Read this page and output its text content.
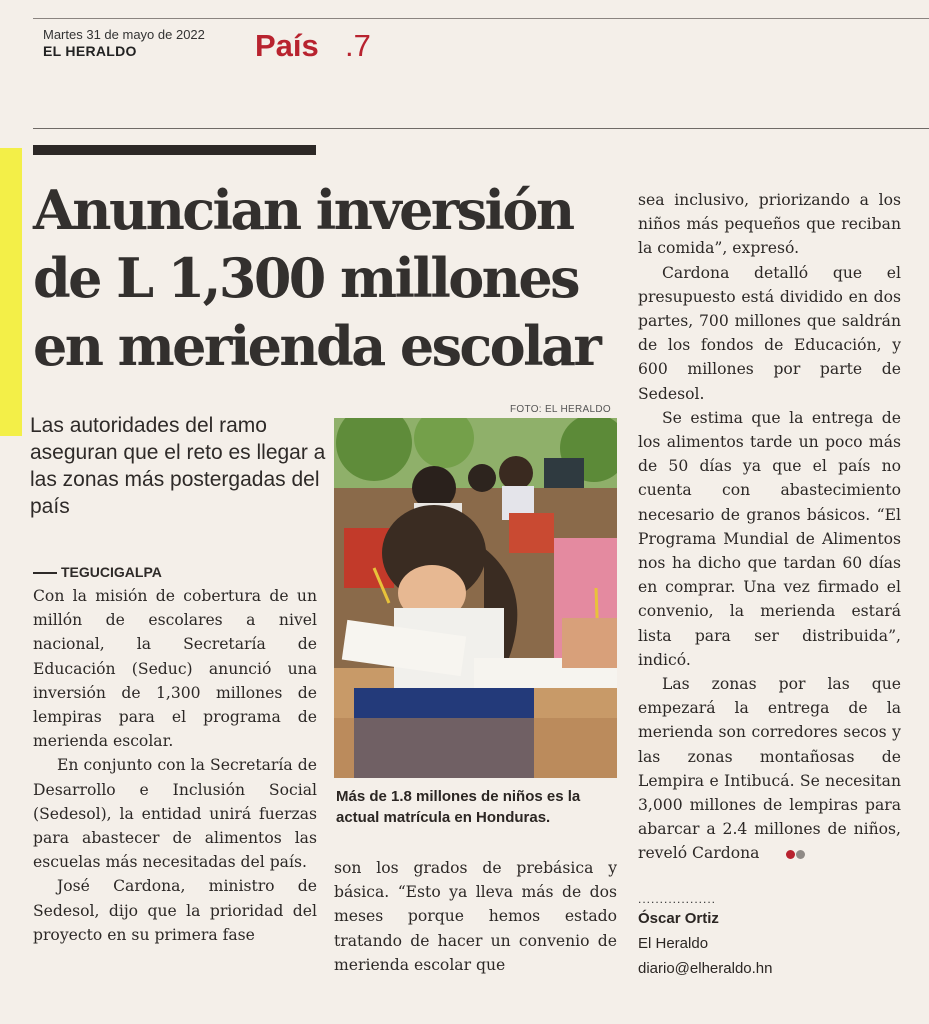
Martes 31 de mayo de 2022
EL HERALDO	País .7
Anuncian inversión
de L 1,300 millones
en merienda escolar
Las autoridades del ramo aseguran que el reto es llegar a las zonas más postergadas del país
TEGUCIGALPA

Con la misión de cobertura de un millón de escolares a nivel nacional, la Secretaría de Educación (Seduc) anunció una inversión de 1,300 millones de lempiras para el programa de merienda escolar.

En conjunto con la Secretaría de Desarrollo e Inclusión Social (Sedesol), la entidad unirá fuerzas para abastecer de alimentos las escuelas más necesitadas del país.

José Cardona, ministro de Sedesol, dijo que la prioridad del proyecto en su primera fase

FOTO: EL HERALDO
Más de 1.8 millones de niños es la actual matrícula en Honduras.

son los grados de prebásica y básica. “Esto ya lleva más de dos meses porque hemos estado tratando de hacer un convenio de merienda escolar que

sea inclusivo, priorizando a los niños más pequeños que reciban la comida”, expresó.

Cardona detalló que el presupuesto está dividido en dos partes, 700 millones que saldrán de los fondos de Educación, y 600 millones por parte de Sedesol.

Se estima que la entrega de los alimentos tarde un poco más de 50 días ya que el país no cuenta con abastecimiento necesario de granos básicos. “El Programa Mundial de Alimentos nos ha dicho que tardan 60 días en comprar. Una vez firmado el convenio, la merienda estará lista para ser distribuida”, indicó.

Las zonas por las que empezará la entrega de la merienda son corredores secos y las zonas montañosas de Lempira e Intibucá. Se necesitan 3,000 millones de lempiras para abarcar a 2.4 millones de niños, reveló Cardona

..................
Óscar Ortiz
El Heraldo
diario@elheraldo.hn
